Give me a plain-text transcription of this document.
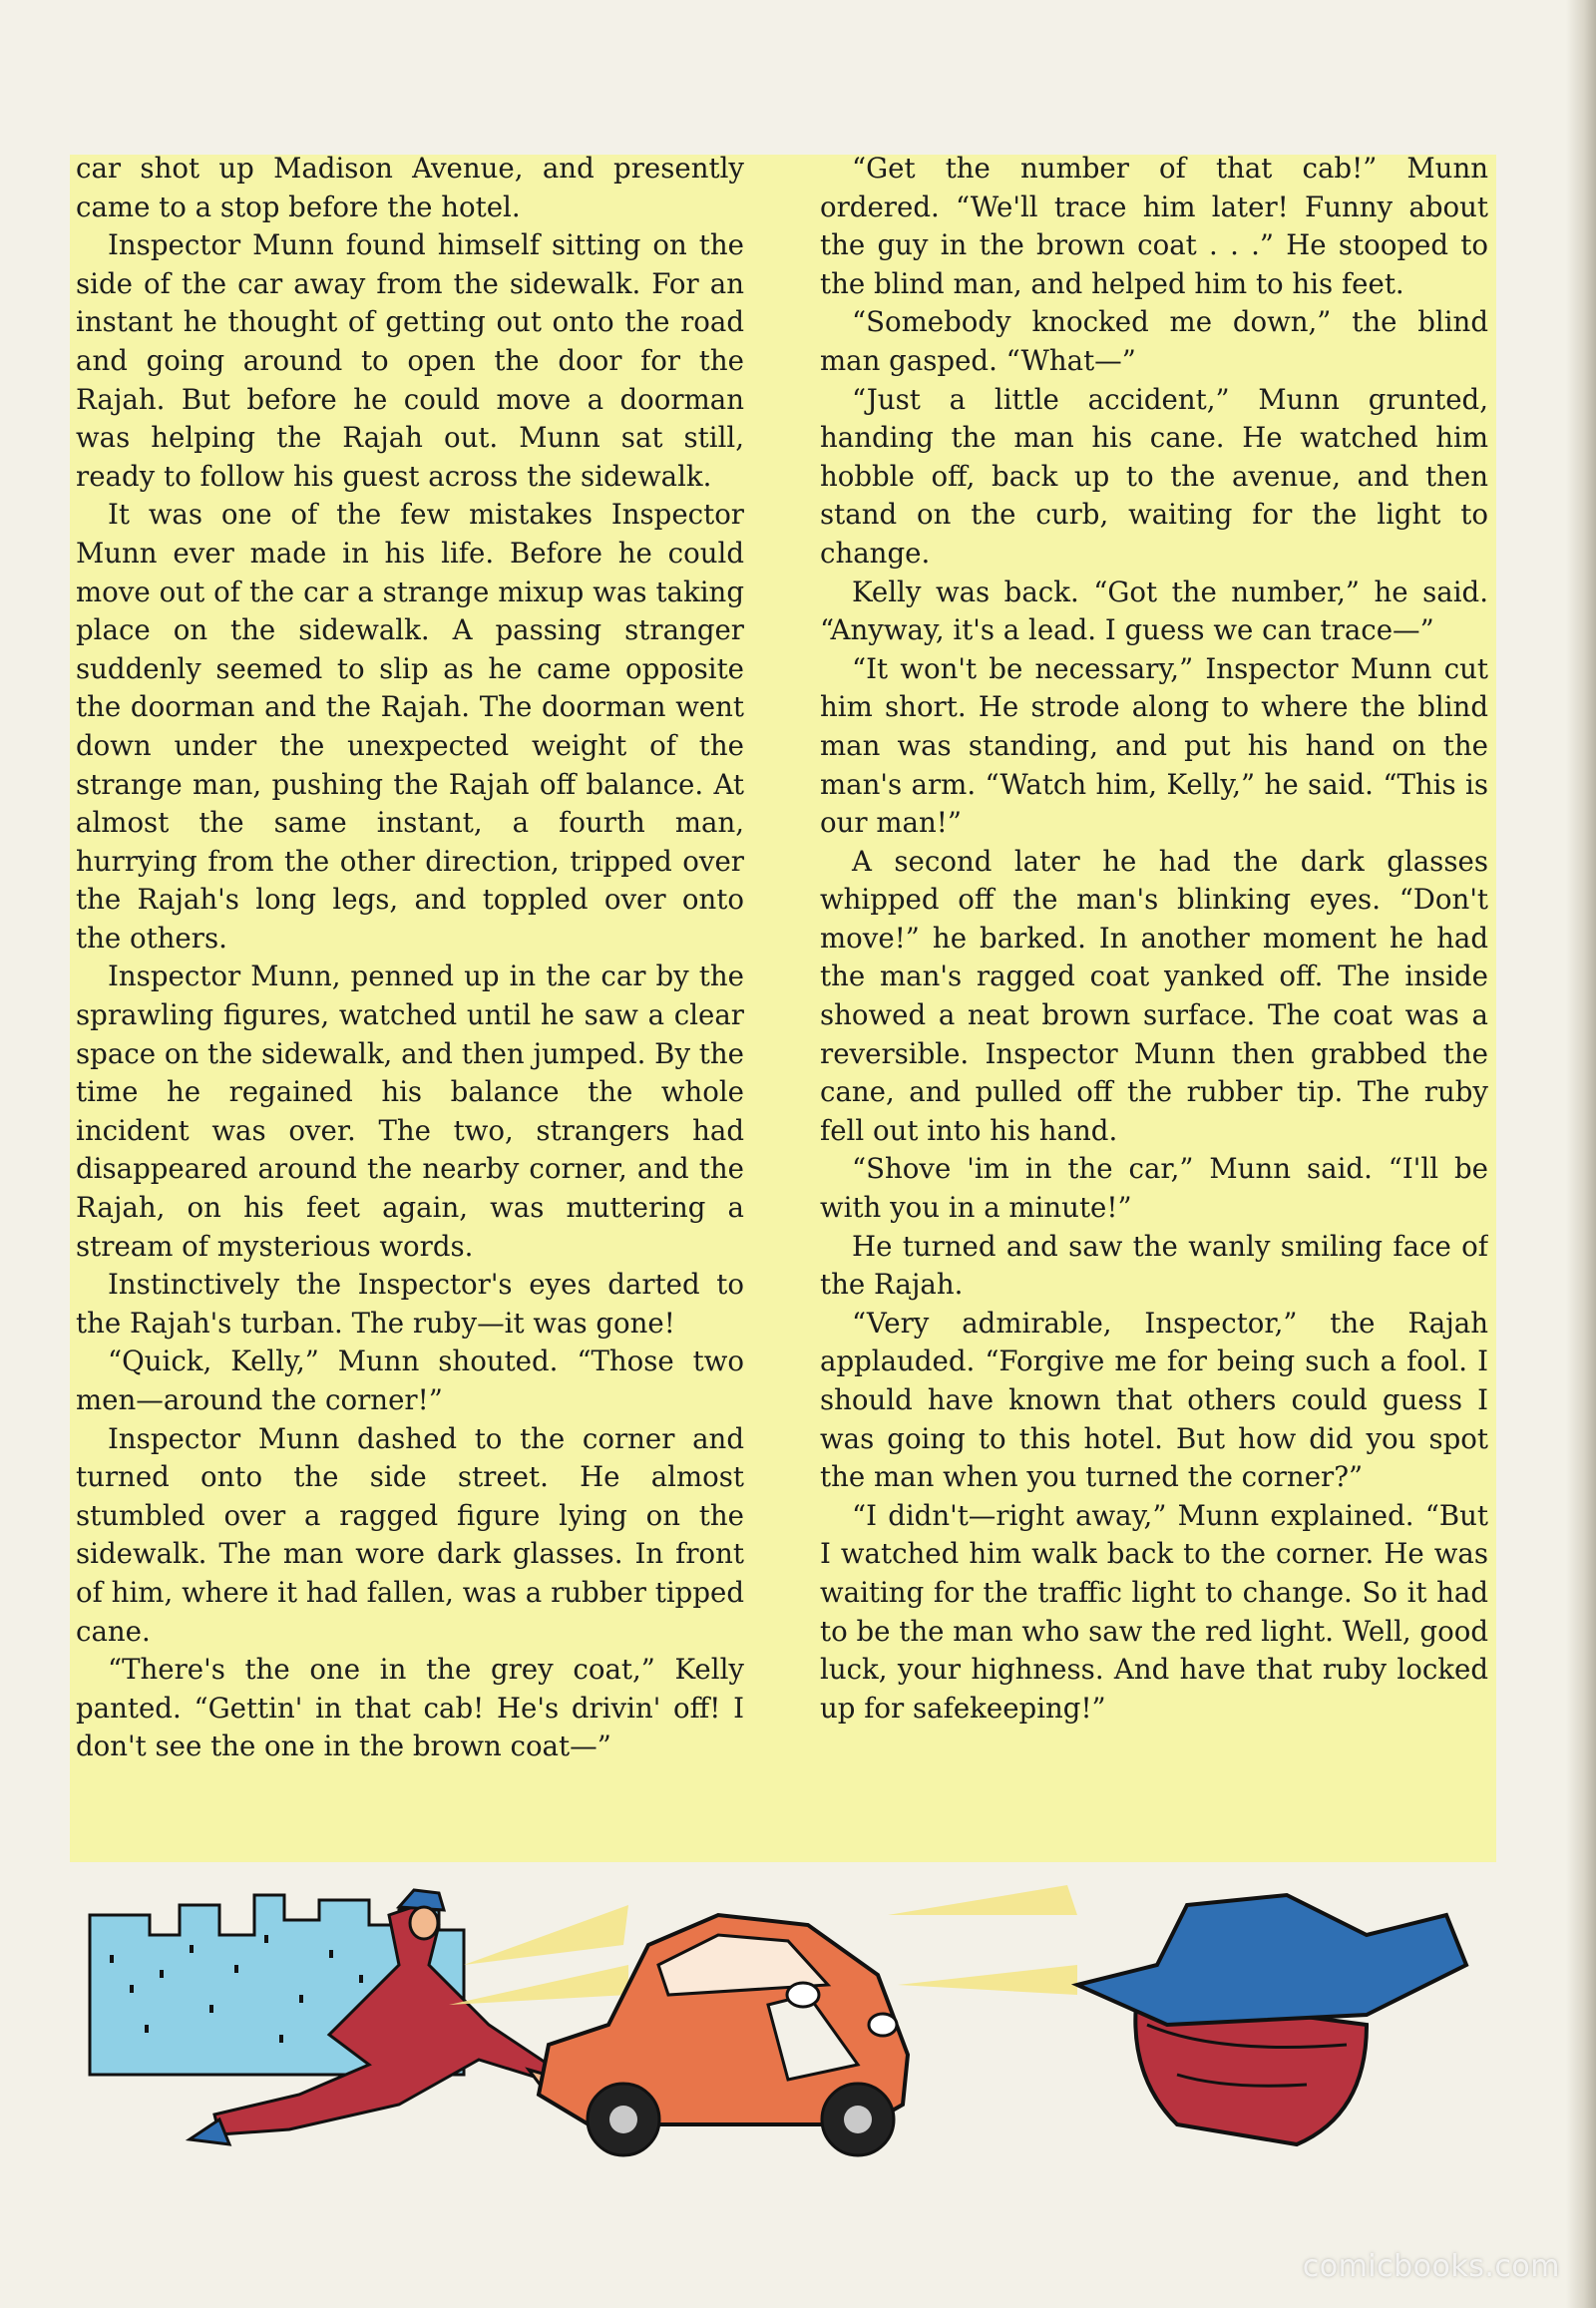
car shot up Madison Avenue, and presently came to a stop before the hotel.

Inspector Munn found himself sitting on the side of the car away from the sidewalk. For an instant he thought of getting out onto the road and going around to open the door for the Rajah. But before he could move a doorman was helping the Rajah out. Munn sat still, ready to follow his guest across the sidewalk.

It was one of the few mistakes Inspector Munn ever made in his life. Before he could move out of the car a strange mixup was taking place on the sidewalk. A passing stranger suddenly seemed to slip as he came opposite the doorman and the Rajah. The doorman went down under the unexpected weight of the strange man, pushing the Rajah off balance. At almost the same instant, a fourth man, hurrying from the other direction, tripped over the Rajah's long legs, and toppled over onto the others.

Inspector Munn, penned up in the car by the sprawling figures, watched until he saw a clear space on the sidewalk, and then jumped. By the time he regained his balance the whole incident was over. The two, strangers had disappeared around the nearby corner, and the Rajah, on his feet again, was muttering a stream of mysterious words.

Instinctively the Inspector's eyes darted to the Rajah's turban. The ruby—it was gone!

“Quick, Kelly,” Munn shouted. “Those two men—around the corner!”

Inspector Munn dashed to the corner and turned onto the side street. He almost stumbled over a ragged figure lying on the sidewalk. The man wore dark glasses. In front of him, where it had fallen, was a rubber tipped cane.

“There's the one in the grey coat,” Kelly panted. “Gettin' in that cab! He's drivin' off! I don't see the one in the brown coat—”

“Get the number of that cab!” Munn ordered. “We'll trace him later! Funny about the guy in the brown coat . . .” He stooped to the blind man, and helped him to his feet.

“Somebody knocked me down,” the blind man gasped. “What—”

“Just a little accident,” Munn grunted, handing the man his cane. He watched him hobble off, back up to the avenue, and then stand on the curb, waiting for the light to change.

Kelly was back. “Got the number,” he said. “Anyway, it's a lead. I guess we can trace—”

“It won't be necessary,” Inspector Munn cut him short. He strode along to where the blind man was standing, and put his hand on the man's arm. “Watch him, Kelly,” he said. “This is our man!”

A second later he had the dark glasses whipped off the man's blinking eyes. “Don't move!” he barked. In another moment he had the man's ragged coat yanked off. The inside showed a neat brown surface. The coat was a reversible. Inspector Munn then grabbed the cane, and pulled off the rubber tip. The ruby fell out into his hand.

“Shove 'im in the car,” Munn said. “I'll be with you in a minute!”

He turned and saw the wanly smiling face of the Rajah.

“Very admirable, Inspector,” the Rajah applauded. “Forgive me for being such a fool. I should have known that others could guess I was going to this hotel. But how did you spot the man when you turned the corner?”

“I didn't—right away,” Munn explained. “But I watched him walk back to the corner. He was waiting for the traffic light to change. So it had to be the man who saw the red light. Well, good luck, your highness. And have that ruby locked up for safekeeping!”

comicbooks.com
